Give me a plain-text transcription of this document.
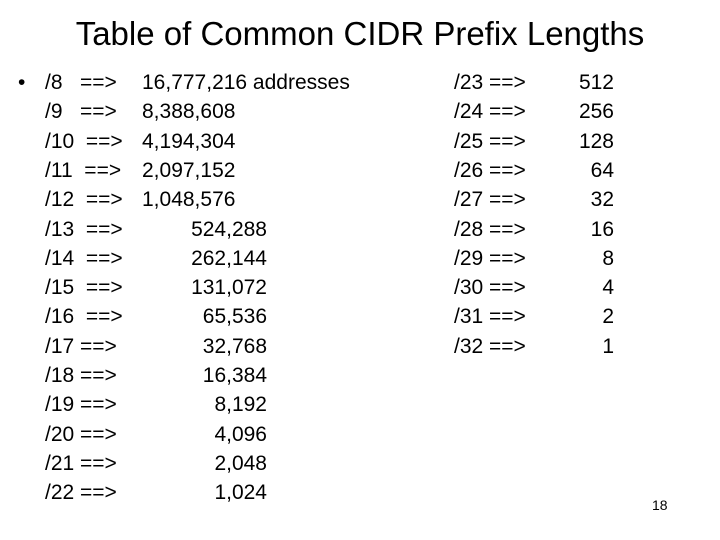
Table of Common CIDR Prefix Lengths
• /8   ==> 16,777,216 addresses
/9   ==> 8,388,608
/10  ==> 4,194,304
/11  ==> 2,097,152
/12  ==> 1,048,576
/13  ==>	524,288
/14  ==>	262,144
/15  ==>	131,072
/16  ==>	65,536
/17 ==>	32,768
/18 ==>	16,384
/19 ==>	8,192
/20 ==>	4,096
/21 ==>	2,048
/22 ==>	1,024
/23 ==> 512
/24 ==> 256
/25 ==> 128
/26 ==>	64
/27 ==>	32
/28 ==>	16
/29 ==>	8
/30 ==>	4
/31 ==>	2
/32 ==>	1
18
